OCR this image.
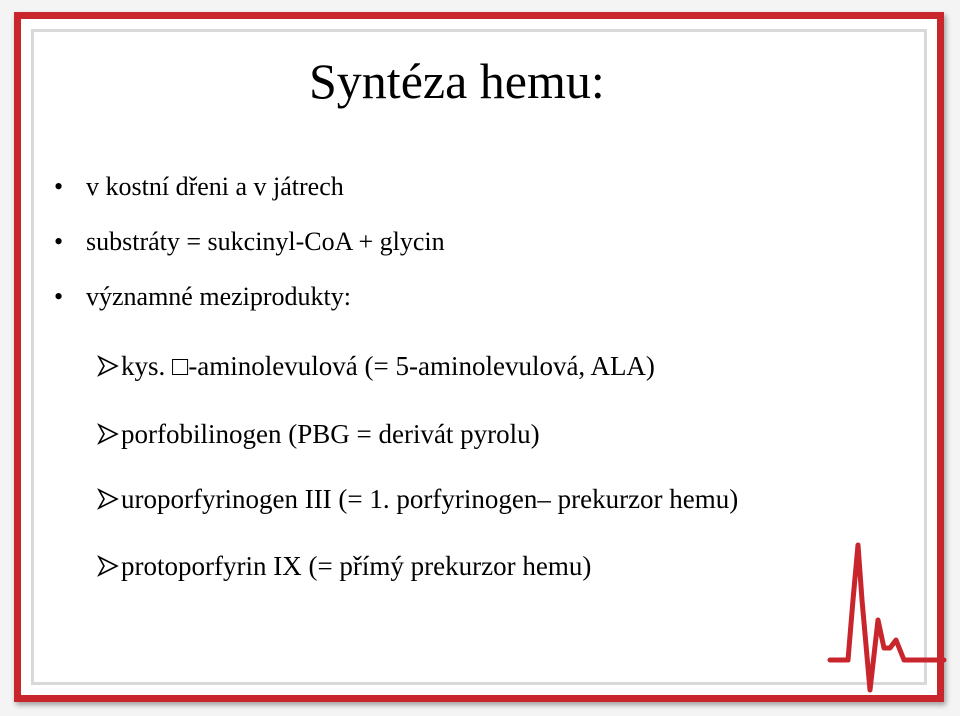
Syntéza hemu:
• v kostní dřeni a v játrech
• substráty = sukcinyl-CoA + glycin
• významné meziprodukty:
kys. □-aminolevulová (= 5-aminolevulová, ALA)
porfobilinogen (PBG = derivát pyrolu)
uroporfyrinogen III (= 1. porfyrinogen– prekurzor hemu)
protoporfyrin IX (= přímý prekurzor hemu)
